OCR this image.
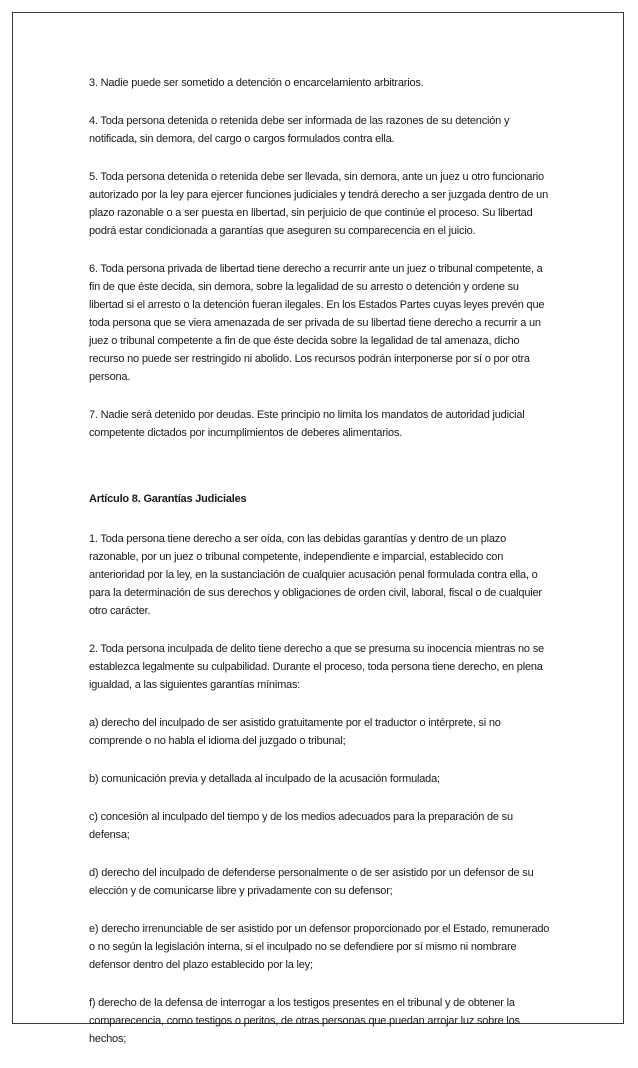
3. Nadie puede ser sometido a detención o encarcelamiento arbitrarios.

4. Toda persona detenida o retenida debe ser informada de las razones de su detención y notificada, sin demora, del cargo o cargos formulados contra ella.

5. Toda persona detenida o retenida debe ser llevada, sin demora, ante un juez u otro funcionario autorizado por la ley para ejercer funciones judiciales y tendrá derecho a ser juzgada dentro de un plazo razonable o a ser puesta en libertad, sin perjuicio de que continúe el proceso. Su libertad podrá estar condicionada a garantías que aseguren su comparecencia en el juicio.

6. Toda persona privada de libertad tiene derecho a recurrir ante un juez o tribunal competente, a fin de que éste decida, sin demora, sobre la legalidad de su arresto o detención y ordene su libertad si el arresto o la detención fueran ilegales. En los Estados Partes cuyas leyes prevén que toda persona que se viera amenazada de ser privada de su libertad tiene derecho a recurrir a un juez o tribunal competente a fin de que éste decida sobre la legalidad de tal amenaza, dicho recurso no puede ser restringido ni abolido. Los recursos podrán interponerse por sí o por otra persona.

7. Nadie será detenido por deudas. Este principio no limita los mandatos de autoridad judicial competente dictados por incumplimientos de deberes alimentarios.

Artículo 8. Garantías Judiciales

1. Toda persona tiene derecho a ser oída, con las debidas garantías y dentro de un plazo razonable, por un juez o tribunal competente, independiente e imparcial, establecido con anterioridad por la ley, en la sustanciación de cualquier acusación penal formulada contra ella, o para la determinación de sus derechos y obligaciones de orden civil, laboral, fiscal o de cualquier otro carácter.

2. Toda persona inculpada de delito tiene derecho a que se presuma su inocencia mientras no se establezca legalmente su culpabilidad. Durante el proceso, toda persona tiene derecho, en plena igualdad, a las siguientes garantías mínimas:

a) derecho del inculpado de ser asistido gratuitamente por el traductor o intérprete, si no comprende o no habla el idioma del juzgado o tribunal;

b) comunicación previa y detallada al inculpado de la acusación formulada;

c) concesión al inculpado del tiempo y de los medios adecuados para la preparación de su defensa;

d) derecho del inculpado de defenderse personalmente o de ser asistido por un defensor de su elección y de comunicarse libre y privadamente con su defensor;

e) derecho irrenunciable de ser asistido por un defensor proporcionado por el Estado, remunerado o no según la legislación interna, si el inculpado no se defendiere por sí mismo ni nombrare defensor dentro del plazo establecido por la ley;

f) derecho de la defensa de interrogar a los testigos presentes en el tribunal y de obtener la comparecencia, como testigos o peritos, de otras personas que puedan arrojar luz sobre los hechos;
